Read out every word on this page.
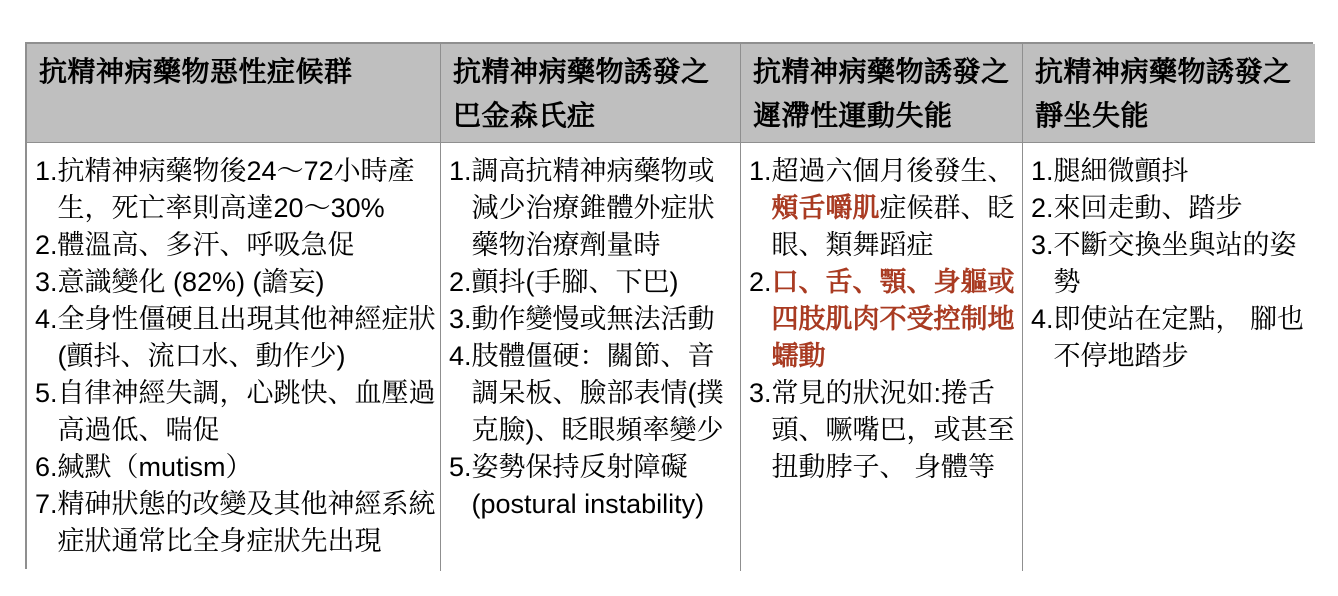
抗精神病藥物惡性症候群	抗精神病藥物誘發之巴金森氏症
抗精神病藥物誘發之遲滯性運動失能
抗精神病藥物誘發之靜坐失能
1. 抗精神病藥物後24〜72小時產生，死亡率則高達20〜30%
2. 體溫高、多汗、呼吸急促
3. 意識變化 (82%) (譫妄)
4. 全身性僵硬且出現其他神經症狀(顫抖、流口水、動作少)
5. 自律神經失調，心跳快、血壓過高過低、喘促
6. 緘默（mutism）
7. 精砷狀態的改變及其他神經系統症狀通常比全身症狀先出現
1. 調高抗精神病藥物或減少治療錐體外症狀藥物治療劑量時
2. 顫抖(手腳、下巴)
3. 動作變慢或無法活動
4. 肢體僵硬：關節、音調呆板、臉部表情(撲克臉)、眨眼頻率變少
5. 姿勢保持反射障礙(postural instability)
1. 超過六個月後發生、頰舌嚼肌症候群、眨眼、類舞蹈症
2. 口、舌、顎、身軀或四肢肌肉不受控制地蠕動
3. 常見的狀況如:捲舌頭、噘嘴巴，或甚至扭動脖子、 身體等
1. 腿細微顫抖
2. 來回走動、踏步
3. 不斷交換坐與站的姿勢
4. 即使站在定點， 腳也不停地踏步
